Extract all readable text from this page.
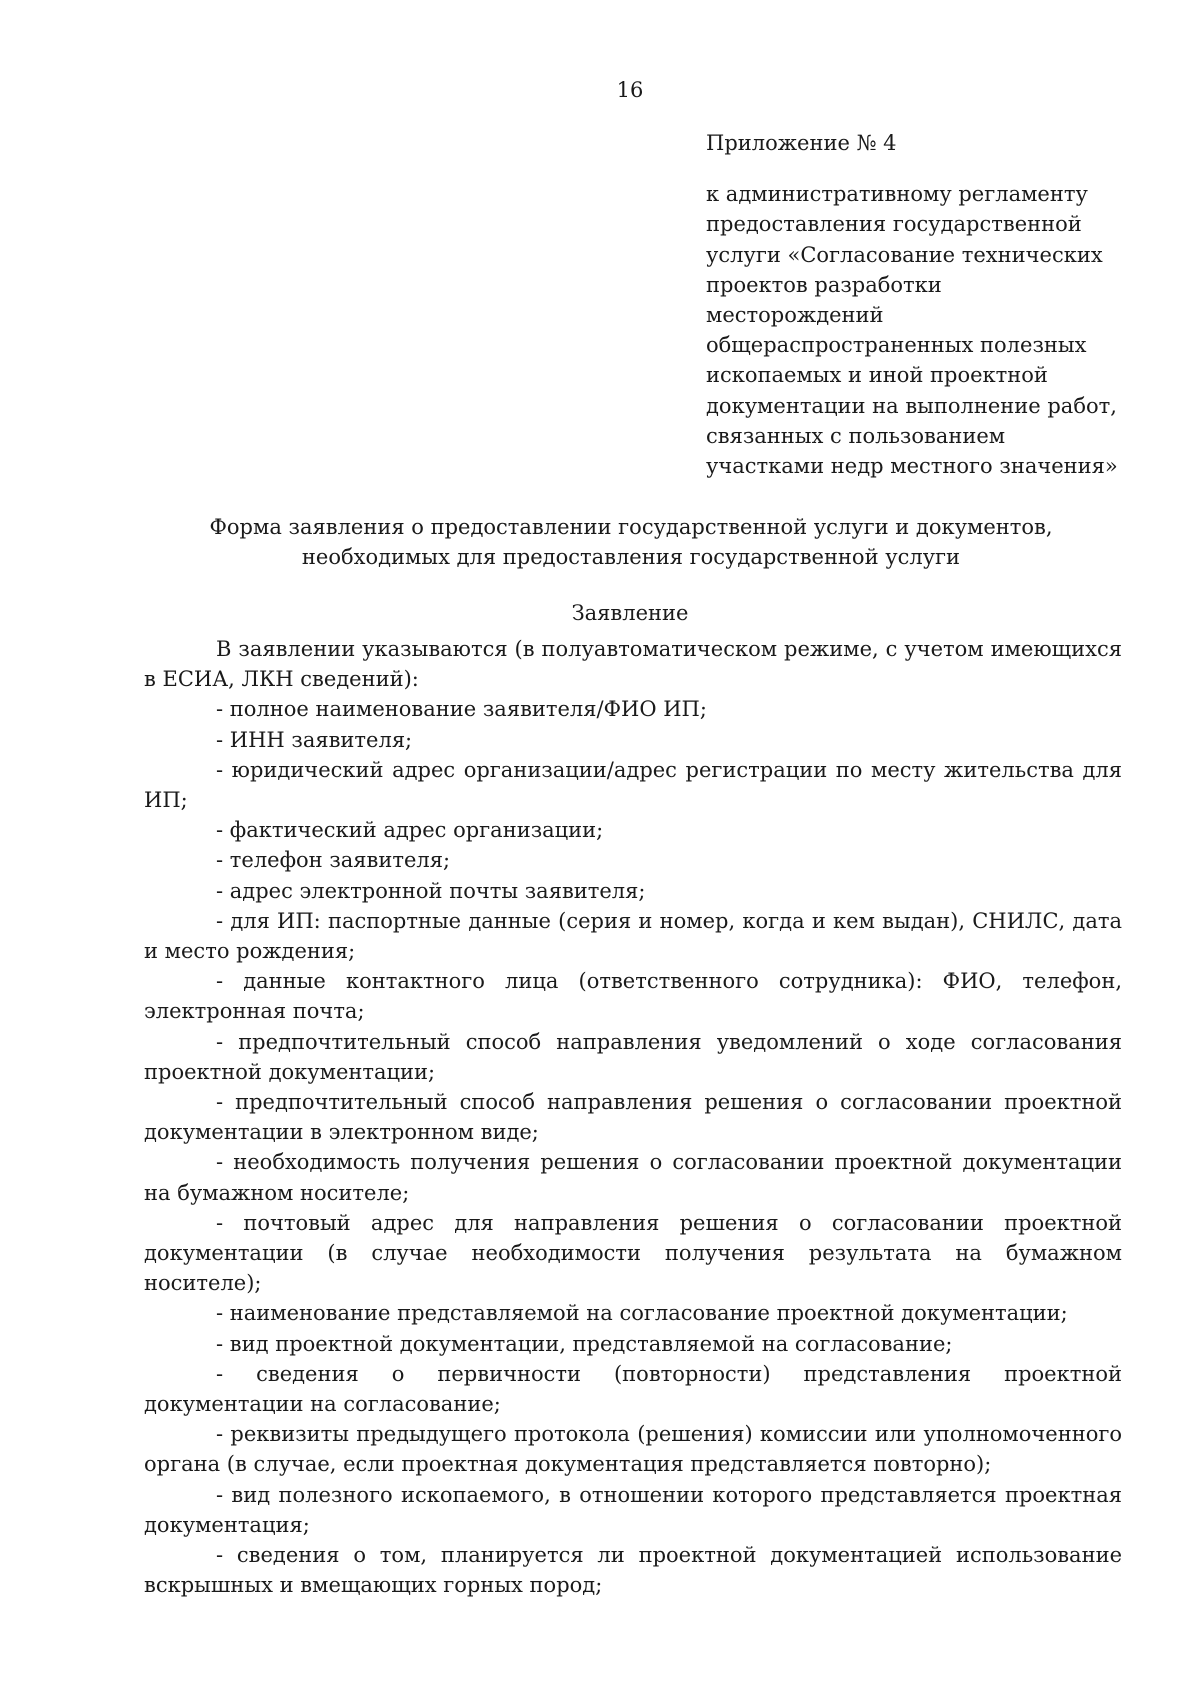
16
Приложение № 4
к административному регламенту
предоставления государственной
услуги «Согласование технических
проектов разработки
месторождений
общераспространенных полезных
ископаемых и иной проектной
документации на выполнение работ,
связанных с пользованием
участками недр местного значения»
Форма заявления о предоставлении государственной услуги и документов,
необходимых для предоставления государственной услуги
Заявление

В заявлении указываются (в полуавтоматическом режиме, с учетом имеющихся в ЕСИА, ЛКН сведений):

- полное наименование заявителя/ФИО ИП;

- ИНН заявителя;

- юридический адрес организации/адрес регистрации по месту жительства для ИП;

- фактический адрес организации;

- телефон заявителя;

- адрес электронной почты заявителя;

- для ИП: паспортные данные (серия и номер, когда и кем выдан), СНИЛС, дата и место рождения;

- данные контактного лица (ответственного сотрудника): ФИО, телефон, электронная почта;

- предпочтительный способ направления уведомлений о ходе согласования проектной документации;

- предпочтительный способ направления решения о согласовании проектной документации в электронном виде;

- необходимость получения решения о согласовании проектной документации на бумажном носителе;

- почтовый адрес для направления решения о согласовании проектной документации (в случае необходимости получения результата на бумажном носителе);

- наименование представляемой на согласование проектной документации;

- вид проектной документации, представляемой на согласование;

- сведения о первичности (повторности) представления проектной документации на согласование;

- реквизиты предыдущего протокола (решения) комиссии или уполномоченного органа (в случае, если проектная документация представляется повторно);

- вид полезного ископаемого, в отношении которого представляется проектная документация;

- сведения о том, планируется ли проектной документацией использование вскрышных и вмещающих горных пород;
